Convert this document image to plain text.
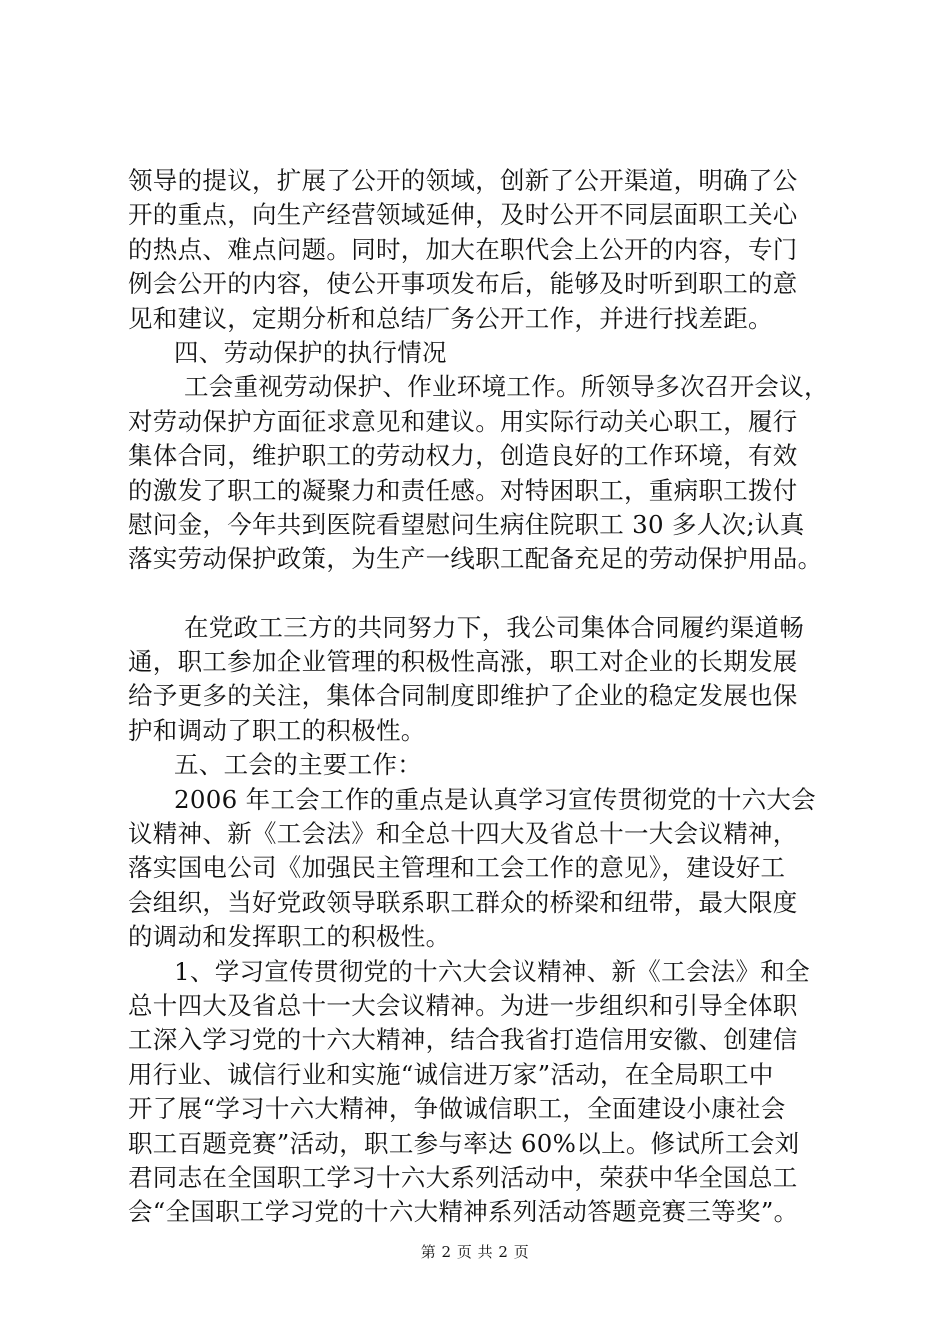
领导的提议，扩展了公开的领域，创新了公开渠道，明确了公
开的重点，向生产经营领域延伸，及时公开不同层面职工关心
的热点、难点问题。同时，加大在职代会上公开的内容，专门
例会公开的内容，使公开事项发布后，能够及时听到职工的意
见和建议，定期分析和总结厂务公开工作，并进行找差距。
四、劳动保护的执行情况
工会重视劳动保护、作业环境工作。所领导多次召开会议，
对劳动保护方面征求意见和建议。用实际行动关心职工，履行
集体合同，维护职工的劳动权力，创造良好的工作环境，有效
的激发了职工的凝聚力和责任感。对特困职工，重病职工拨付
慰问金，今年共到医院看望慰问生病住院职工 30 多人次;认真
落实劳动保护政策，为生产一线职工配备充足的劳动保护用品。
在党政工三方的共同努力下，我公司集体合同履约渠道畅
通，职工参加企业管理的积极性高涨，职工对企业的长期发展
给予更多的关注，集体合同制度即维护了企业的稳定发展也保
护和调动了职工的积极性。
五、工会的主要工作：
2006 年工会工作的重点是认真学习宣传贯彻党的十六大会
议精神、新《工会法》和全总十四大及省总十一大会议精神，
落实国电公司《加强民主管理和工会工作的意见》，建设好工
会组织，当好党政领导联系职工群众的桥梁和纽带，最大限度
的调动和发挥职工的积极性。
1、学习宣传贯彻党的十六大会议精神、新《工会法》和全
总十四大及省总十一大会议精神。为进一步组织和引导全体职
工深入学习党的十六大精神，结合我省打造信用安徽、创建信
用行业、诚信行业和实施“诚信进万家”活动，在全局职工中
开了展“学习十六大精神，争做诚信职工，全面建设小康社会
职工百题竞赛”活动，职工参与率达 60%以上。修试所工会刘
君同志在全国职工学习十六大系列活动中，荣获中华全国总工
会“全国职工学习党的十六大精神系列活动答题竞赛三等奖”。
第 2 页 共 2 页
